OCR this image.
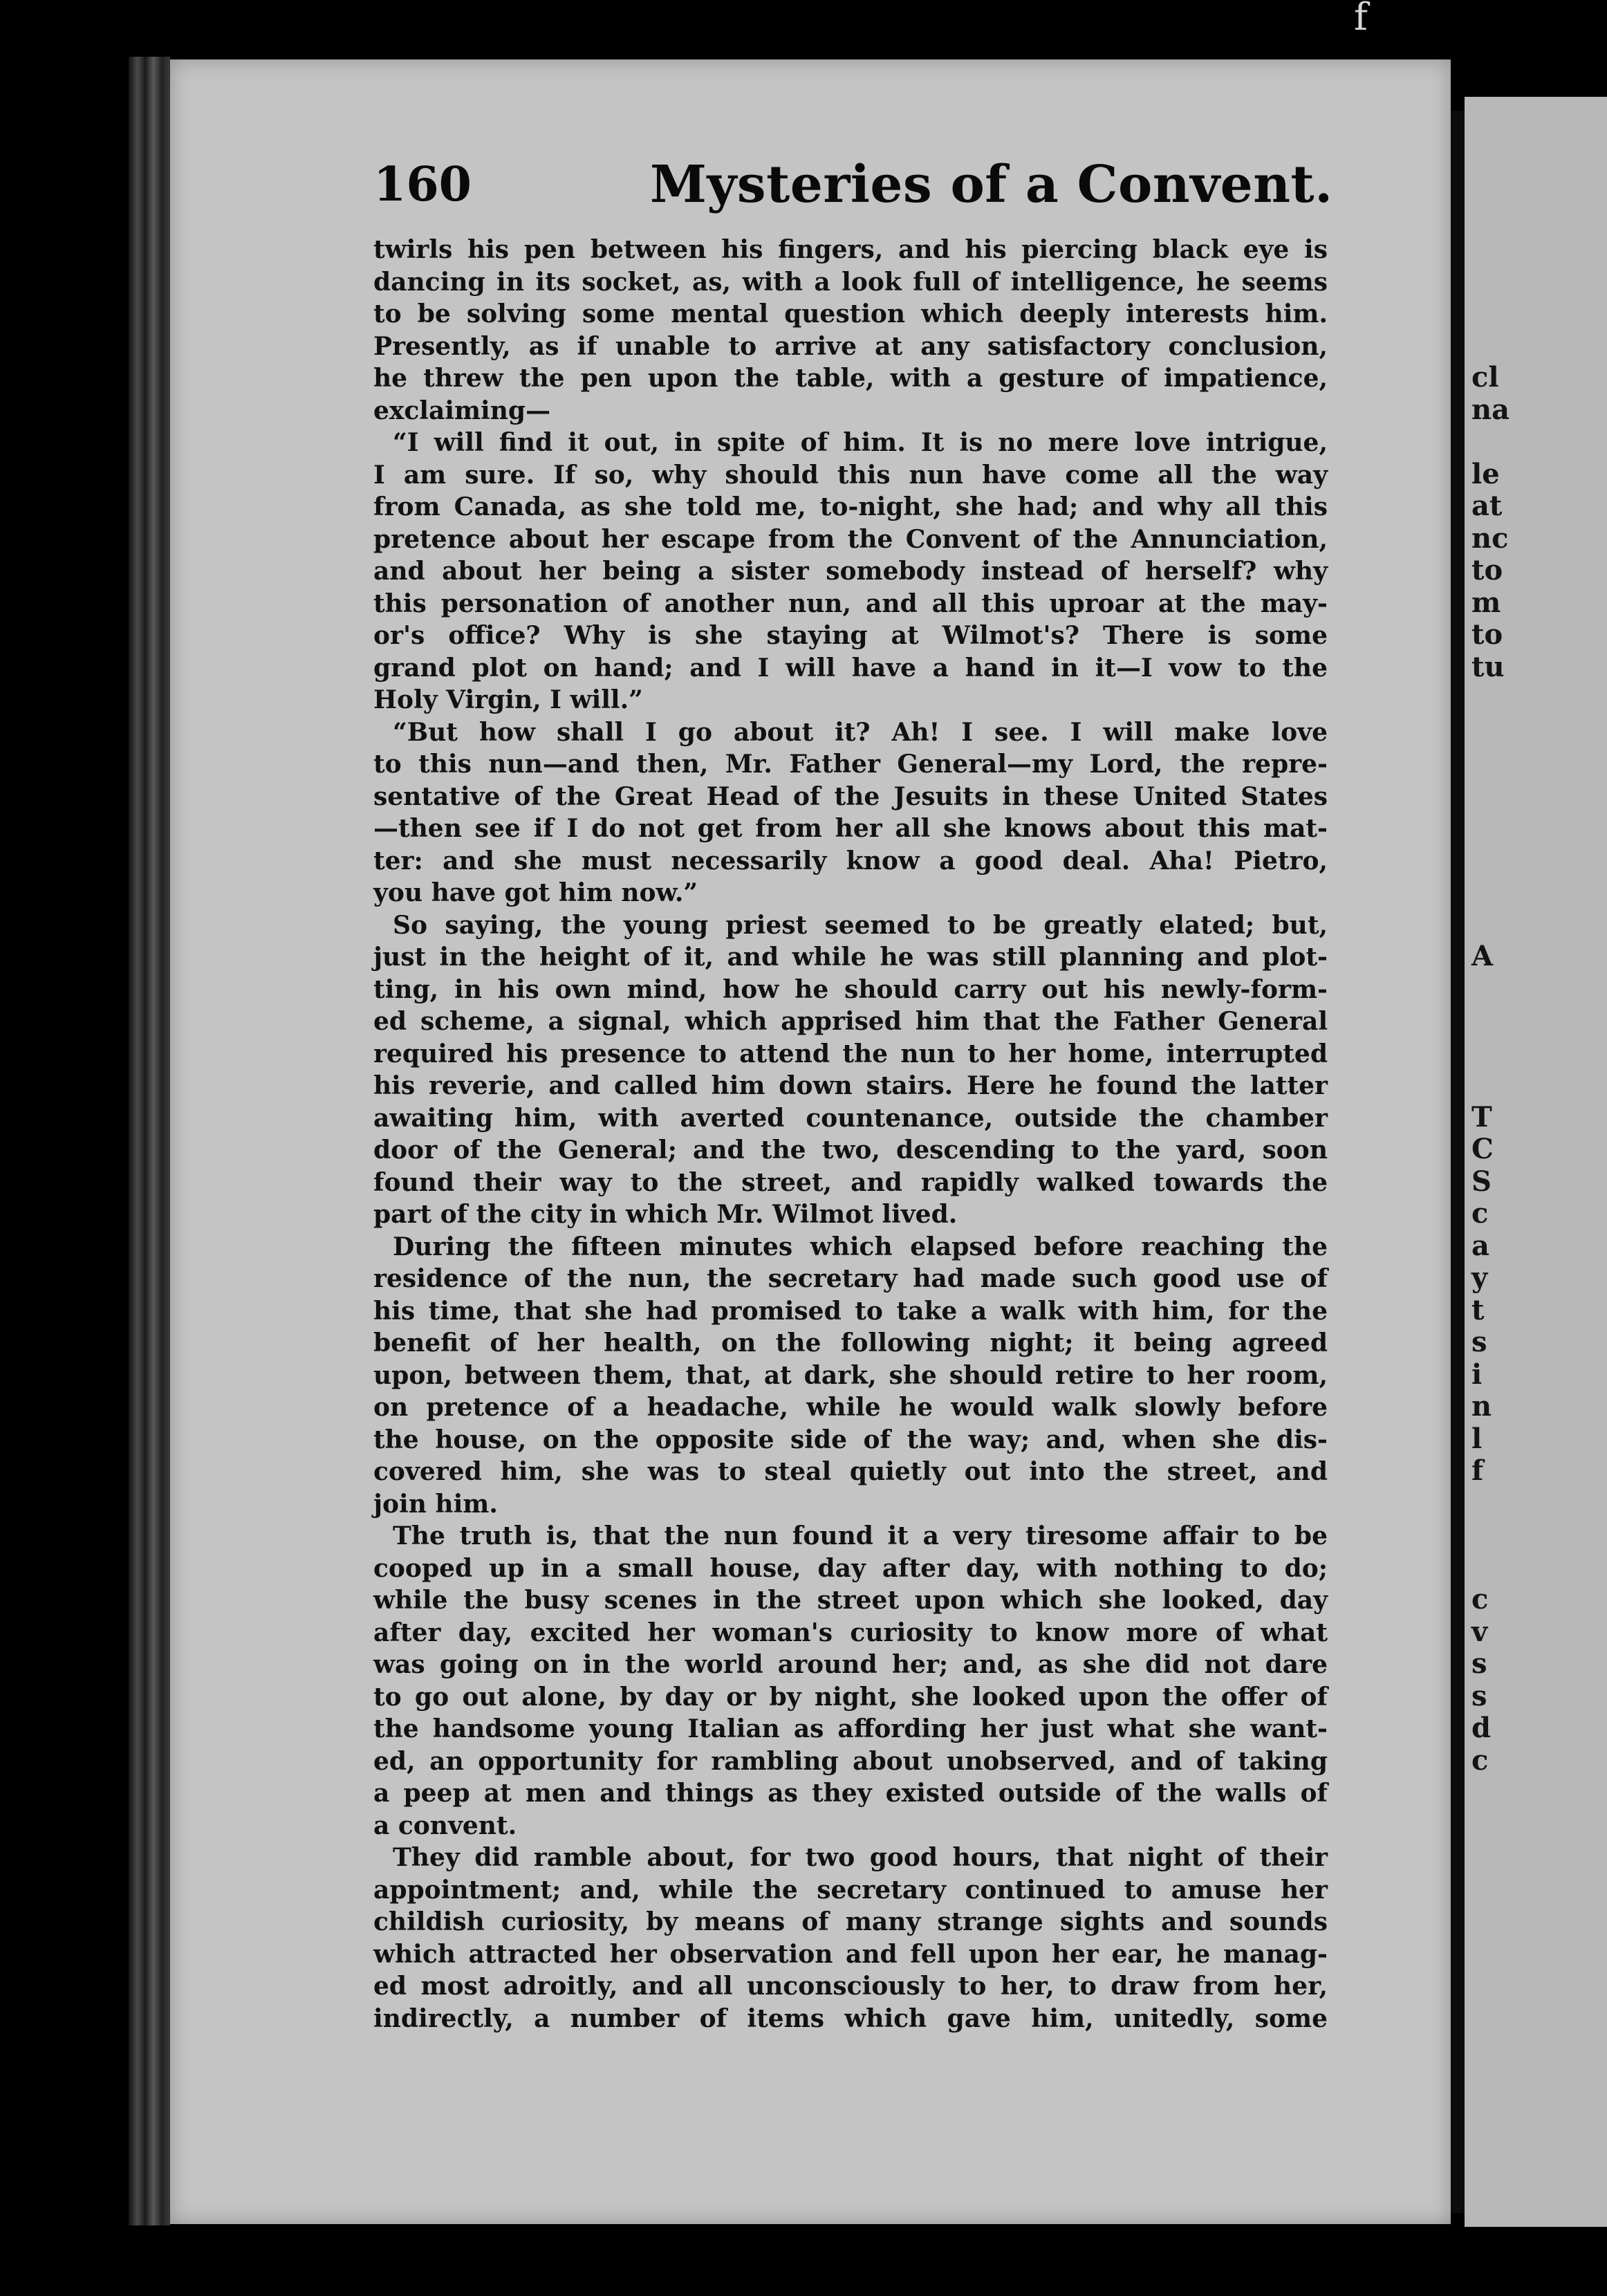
f
160	Mysteries of a Convent.
twirls his pen between his fingers, and his piercing black eye is
dancing in its socket, as, with a look full of intelligence, he seems
to be solving some mental question which deeply interests him.
Presently, as if unable to arrive at any satisfactory conclusion,
he threw the pen upon the table, with a gesture of impatience,
exclaiming—
“I will find it out, in spite of him. It is no mere love intrigue,
I am sure. If so, why should this nun have come all the way
from Canada, as she told me, to-night, she had; and why all this
pretence about her escape from the Convent of the Annunciation,
and about her being a sister somebody instead of herself? why
this personation of another nun, and all this uproar at the may-
or's office? Why is she staying at Wilmot's? There is some
grand plot on hand; and I will have a hand in it—I vow to the
Holy Virgin, I will.”
“But how shall I go about it? Ah! I see. I will make love
to this nun—and then, Mr. Father General—my Lord, the repre-
sentative of the Great Head of the Jesuits in these United States
—then see if I do not get from her all she knows about this mat-
ter: and she must necessarily know a good deal. Aha! Pietro,
you have got him now.”
So saying, the young priest seemed to be greatly elated; but,
just in the height of it, and while he was still planning and plot-
ting, in his own mind, how he should carry out his newly-form-
ed scheme, a signal, which apprised him that the Father General
required his presence to attend the nun to her home, interrupted
his reverie, and called him down stairs. Here he found the latter
awaiting him, with averted countenance, outside the chamber
door of the General; and the two, descending to the yard, soon
found their way to the street, and rapidly walked towards the
part of the city in which Mr. Wilmot lived.
During the fifteen minutes which elapsed before reaching the
residence of the nun, the secretary had made such good use of
his time, that she had promised to take a walk with him, for the
benefit of her health, on the following night; it being agreed
upon, between them, that, at dark, she should retire to her room,
on pretence of a headache, while he would walk slowly before
the house, on the opposite side of the way; and, when she dis-
covered him, she was to steal quietly out into the street, and
join him.
The truth is, that the nun found it a very tiresome affair to be
cooped up in a small house, day after day, with nothing to do;
while the busy scenes in the street upon which she looked, day
after day, excited her woman's curiosity to know more of what
was going on in the world around her; and, as she did not dare
to go out alone, by day or by night, she looked upon the offer of
the handsome young Italian as affording her just what she want-
ed, an opportunity for rambling about unobserved, and of taking
a peep at men and things as they existed outside of the walls of
a convent.
They did ramble about, for two good hours, that night of their
appointment; and, while the secretary continued to amuse her
childish curiosity, by means of many strange sights and sounds
which attracted her observation and fell upon her ear, he manag-
ed most adroitly, and all unconsciously to her, to draw from her,
indirectly, a number of items which gave him, unitedly, some
cl
na
le
at
nc
to
m
to
tu
A
T
C
S
c
a
y
t
s
i
n
l
f
c
v
s
s
d
c
